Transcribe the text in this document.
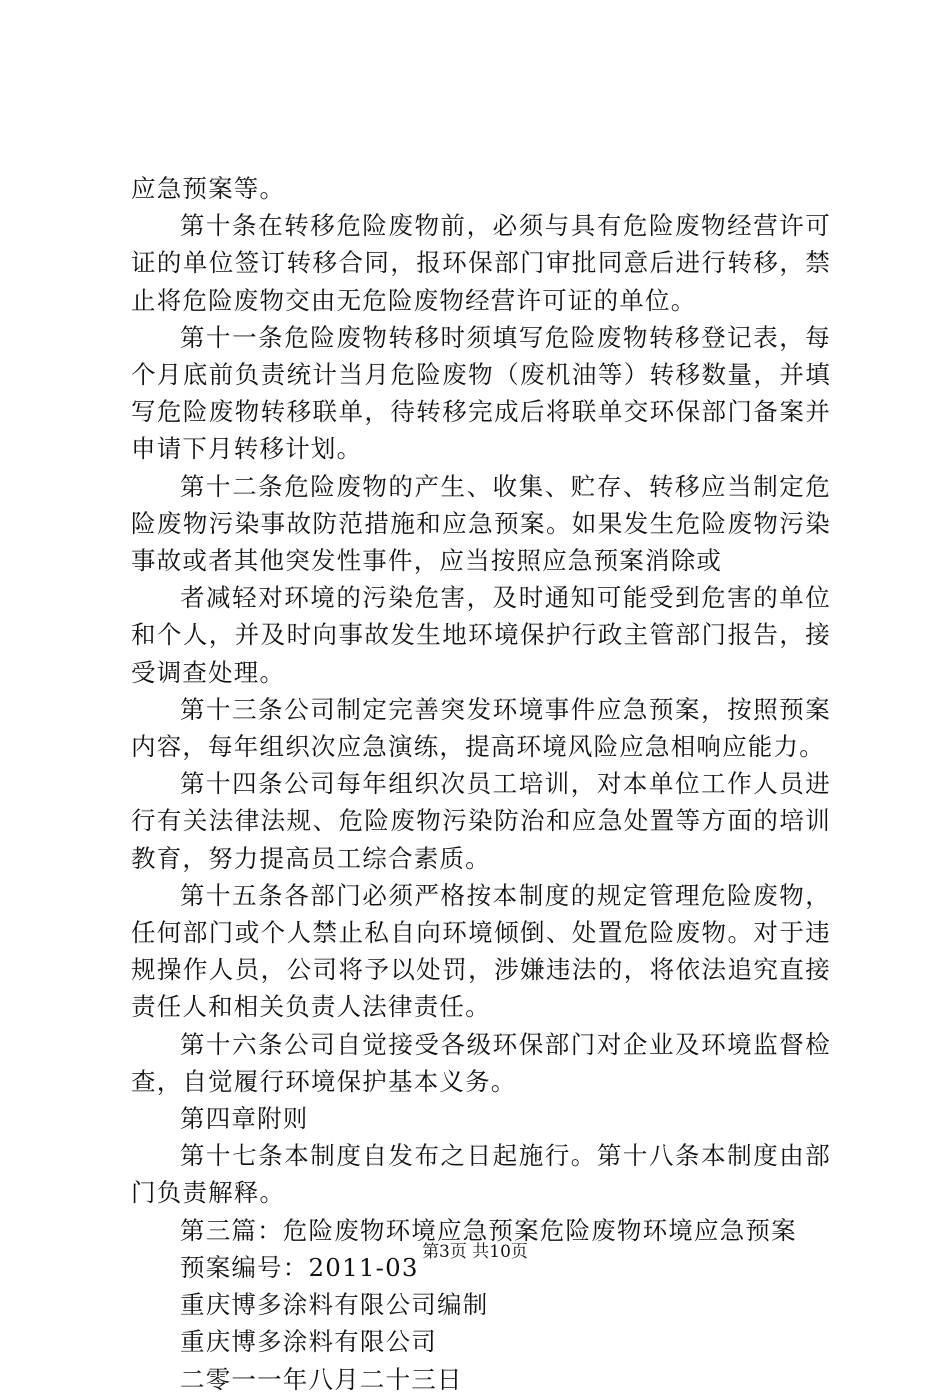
应急预案等。

第十条在转移危险废物前，必须与具有危险废物经营许可证的单位签订转移合同，报环保部门审批同意后进行转移，禁止将危险废物交由无危险废物经营许可证的单位。

第十一条危险废物转移时须填写危险废物转移登记表，每个月底前负责统计当月危险废物（废机油等）转移数量，并填写危险废物转移联单，待转移完成后将联单交环保部门备案并申请下月转移计划。

第十二条危险废物的产生、收集、贮存、转移应当制定危险废物污染事故防范措施和应急预案。如果发生危险废物污染事故或者其他突发性事件，应当按照应急预案消除或

者减轻对环境的污染危害，及时通知可能受到危害的单位和个人，并及时向事故发生地环境保护行政主管部门报告，接受调查处理。

第十三条公司制定完善突发环境事件应急预案，按照预案内容，每年组织次应急演练，提高环境风险应急相响应能力。

第十四条公司每年组织次员工培训，对本单位工作人员进行有关法律法规、危险废物污染防治和应急处置等方面的培训教育，努力提高员工综合素质。

第十五条各部门必须严格按本制度的规定管理危险废物，任何部门或个人禁止私自向环境倾倒、处置危险废物。对于违规操作人员，公司将予以处罚，涉嫌违法的，将依法追究直接责任人和相关负责人法律责任。

第十六条公司自觉接受各级环保部门对企业及环境监督检查，自觉履行环境保护基本义务。

第四章附则

第十七条本制度自发布之日起施行。第十八条本制度由部门负责解释。

第三篇：危险废物环境应急预案危险废物环境应急预案

预案编号：2011-03

重庆博多涂料有限公司编制

重庆博多涂料有限公司

二零一一年八月二十三日

第3页 共10页
